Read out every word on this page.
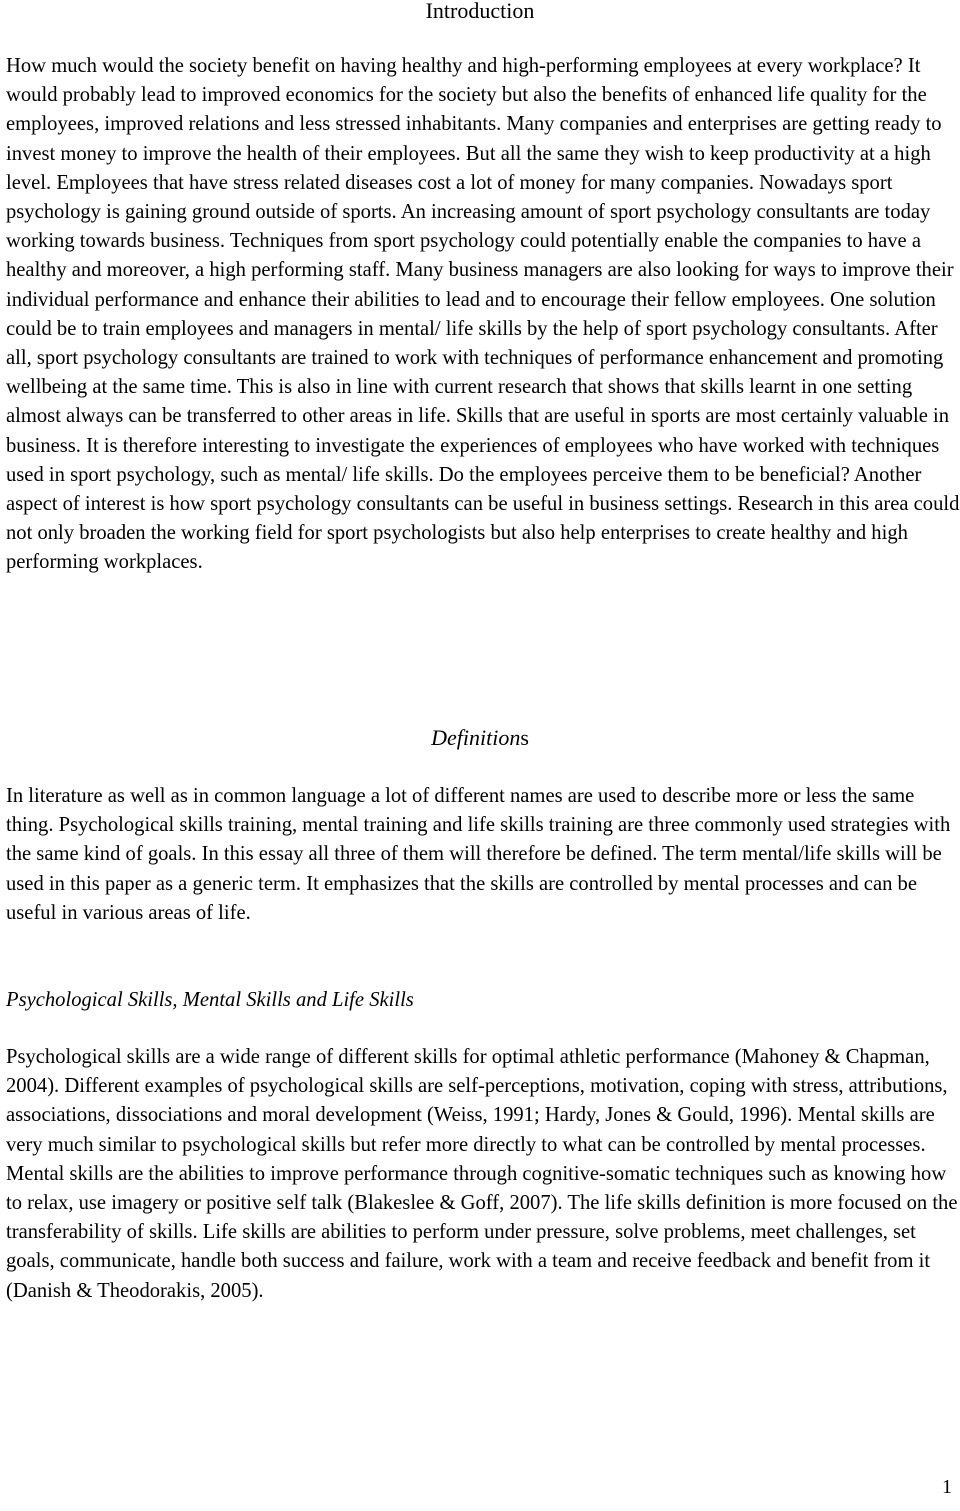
Introduction

How much would the society benefit on having healthy and high-performing employees at every workplace? It would probably lead to improved economics for the society but also the benefits of enhanced life quality for the employees, improved relations and less stressed inhabitants. Many companies and enterprises are getting ready to invest money to improve the health of their employees. But all the same they wish to keep productivity at a high level. Employees that have stress related diseases cost a lot of money for many companies. Nowadays sport psychology is gaining ground outside of sports. An increasing amount of sport psychology consultants are today working towards business. Techniques from sport psychology could potentially enable the companies to have a healthy and moreover, a high performing staff. Many business managers are also looking for ways to improve their individual performance and enhance their abilities to lead and to encourage their fellow employees. One solution could be to train employees and managers in mental/ life skills by the help of sport psychology consultants. After all, sport psychology consultants are trained to work with techniques of performance enhancement and promoting wellbeing at the same time. This is also in line with current research that shows that skills learnt in one setting almost always can be transferred to other areas in life. Skills that are useful in sports are most certainly valuable in business. It is therefore interesting to investigate the experiences of employees who have worked with techniques used in sport psychology, such as mental/ life skills. Do the employees perceive them to be beneficial? Another aspect of interest is how sport psychology consultants can be useful in business settings. Research in this area could not only broaden the working field for sport psychologists but also help enterprises to create healthy and high performing workplaces.

Definitions

In literature as well as in common language a lot of different names are used to describe more or less the same thing. Psychological skills training, mental training and life skills training are three commonly used strategies with the same kind of goals. In this essay all three of them will therefore be defined. The term mental/life skills will be used in this paper as a generic term. It emphasizes that the skills are controlled by mental processes and can be useful in various areas of life.

Psychological Skills, Mental Skills and Life Skills

Psychological skills are a wide range of different skills for optimal athletic performance (Mahoney & Chapman, 2004). Different examples of psychological skills are self-perceptions, motivation, coping with stress, attributions, associations, dissociations and moral development (Weiss, 1991; Hardy, Jones & Gould, 1996). Mental skills are very much similar to psychological skills but refer more directly to what can be controlled by mental processes. Mental skills are the abilities to improve performance through cognitive-somatic techniques such as knowing how to relax, use imagery or positive self talk (Blakeslee & Goff, 2007). The life skills definition is more focused on the transferability of skills. Life skills are abilities to perform under pressure, solve problems, meet challenges, set goals, communicate, handle both success and failure, work with a team and receive feedback and benefit from it (Danish & Theodorakis, 2005).

1
